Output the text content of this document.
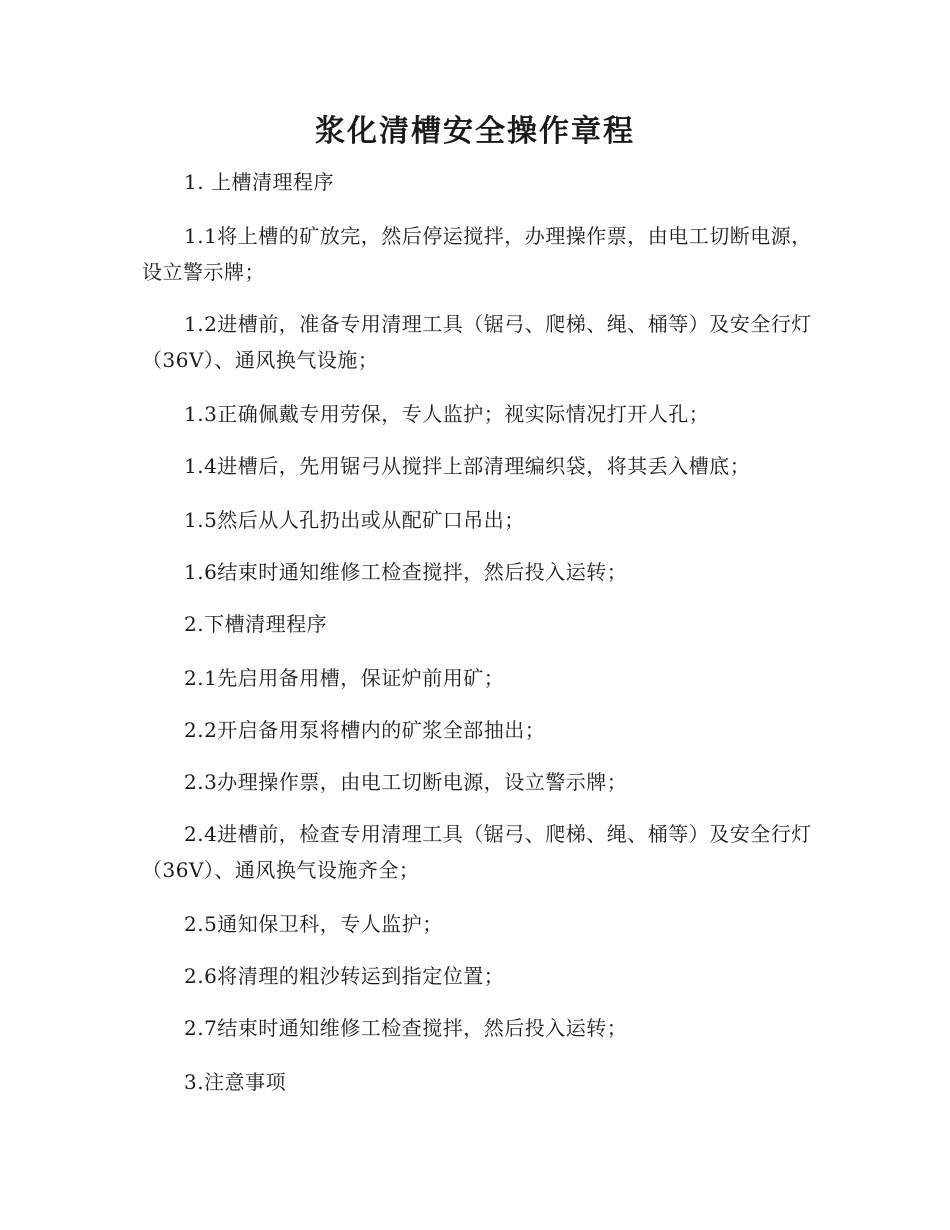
浆化清槽安全操作章程

1. 上槽清理程序

1.1将上槽的矿放完，然后停运搅拌，办理操作票，由电工切断电源，设立警示牌；

1.2进槽前，准备专用清理工具（锯弓、爬梯、绳、桶等）及安全行灯（36V）、通风换气设施；

1.3正确佩戴专用劳保，专人监护；视实际情况打开人孔；

1.4进槽后，先用锯弓从搅拌上部清理编织袋，将其丢入槽底；

1.5然后从人孔扔出或从配矿口吊出；

1.6结束时通知维修工检查搅拌，然后投入运转；

2.下槽清理程序

2.1先启用备用槽，保证炉前用矿；

2.2开启备用泵将槽内的矿浆全部抽出；

2.3办理操作票，由电工切断电源，设立警示牌；

2.4进槽前，检查专用清理工具（锯弓、爬梯、绳、桶等）及安全行灯（36V）、通风换气设施齐全；

2.5通知保卫科，专人监护；

2.6将清理的粗沙转运到指定位置；

2.7结束时通知维修工检查搅拌，然后投入运转；

3.注意事项
